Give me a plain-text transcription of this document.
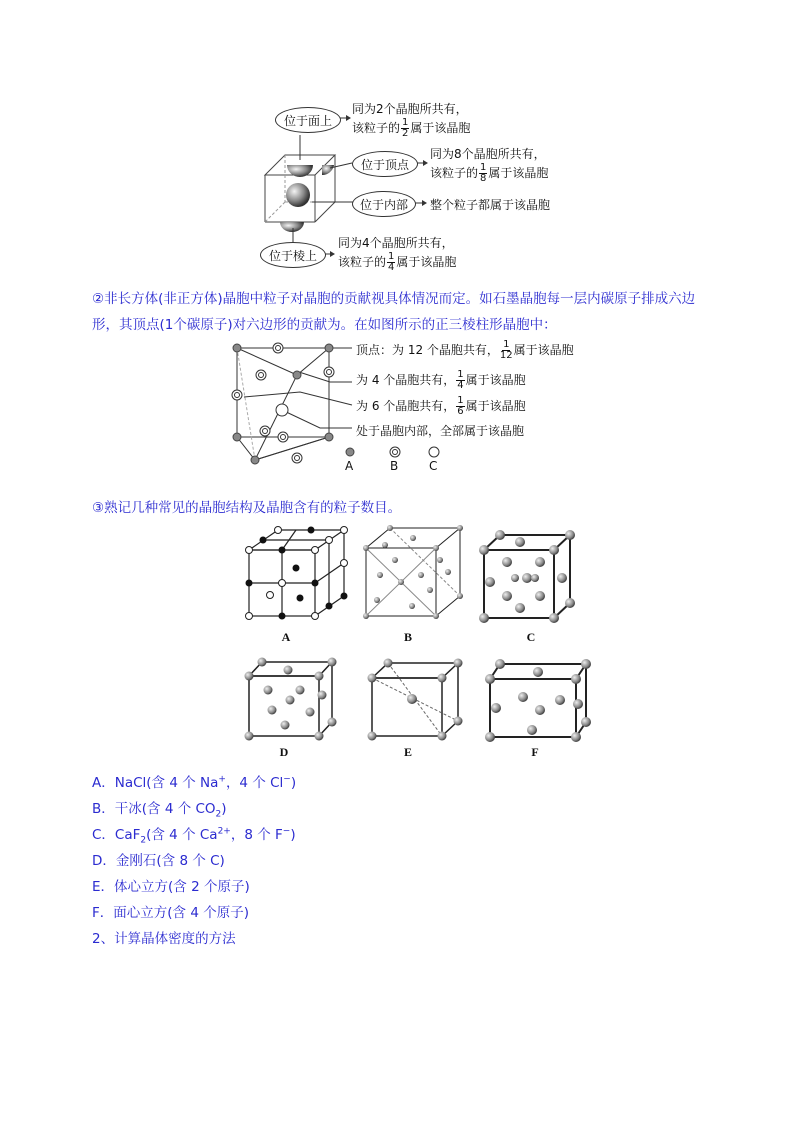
位于面上
同为2个晶胞所共有，
该粒子的 $\frac{1}{2}$ 属于该晶胞
位于顶点
同为8个晶胞所共有，
该粒子的 $\frac{1}{8}$ 属于该晶胞
位于内部	整个粒子都属于该晶胞
位于棱上
同为4个晶胞所共有，
该粒子的 $\frac{1}{4}$ 属于该晶胞
②非长方体(非正方体)晶胞中粒子对晶胞的贡献视具体情况而定。如石墨晶胞每一层内碳原子排成六边
形，其顶点(1个碳原子)对六边形的贡献为。在如图所示的正三棱柱形晶胞中：
顶点：为 12 个晶胞共有， $\frac{1}{12}$ 属于该晶胞
为 4 个晶胞共有， $\frac{1}{4}$ 属于该晶胞
为 6 个晶胞共有， $\frac{1}{6}$ 属于该晶胞
处于晶胞内部，全部属于该晶胞
A	B	C
③熟记几种常见的晶胞结构及晶胞含有的粒子数目。
A	B	C
D	E	F
A．NaCl(含 4 个 Na+，4 个 Cl−)
B．干冰(含 4 个 $CO_2$)
C．CaF$_2$(含 4 个 $Ca^{2+}$，8 个 F−)
D．金刚石(含 8 个 C)
E．体心立方(含 2 个原子)
F．面心立方(含 4 个原子)
2、计算晶体密度的方法
